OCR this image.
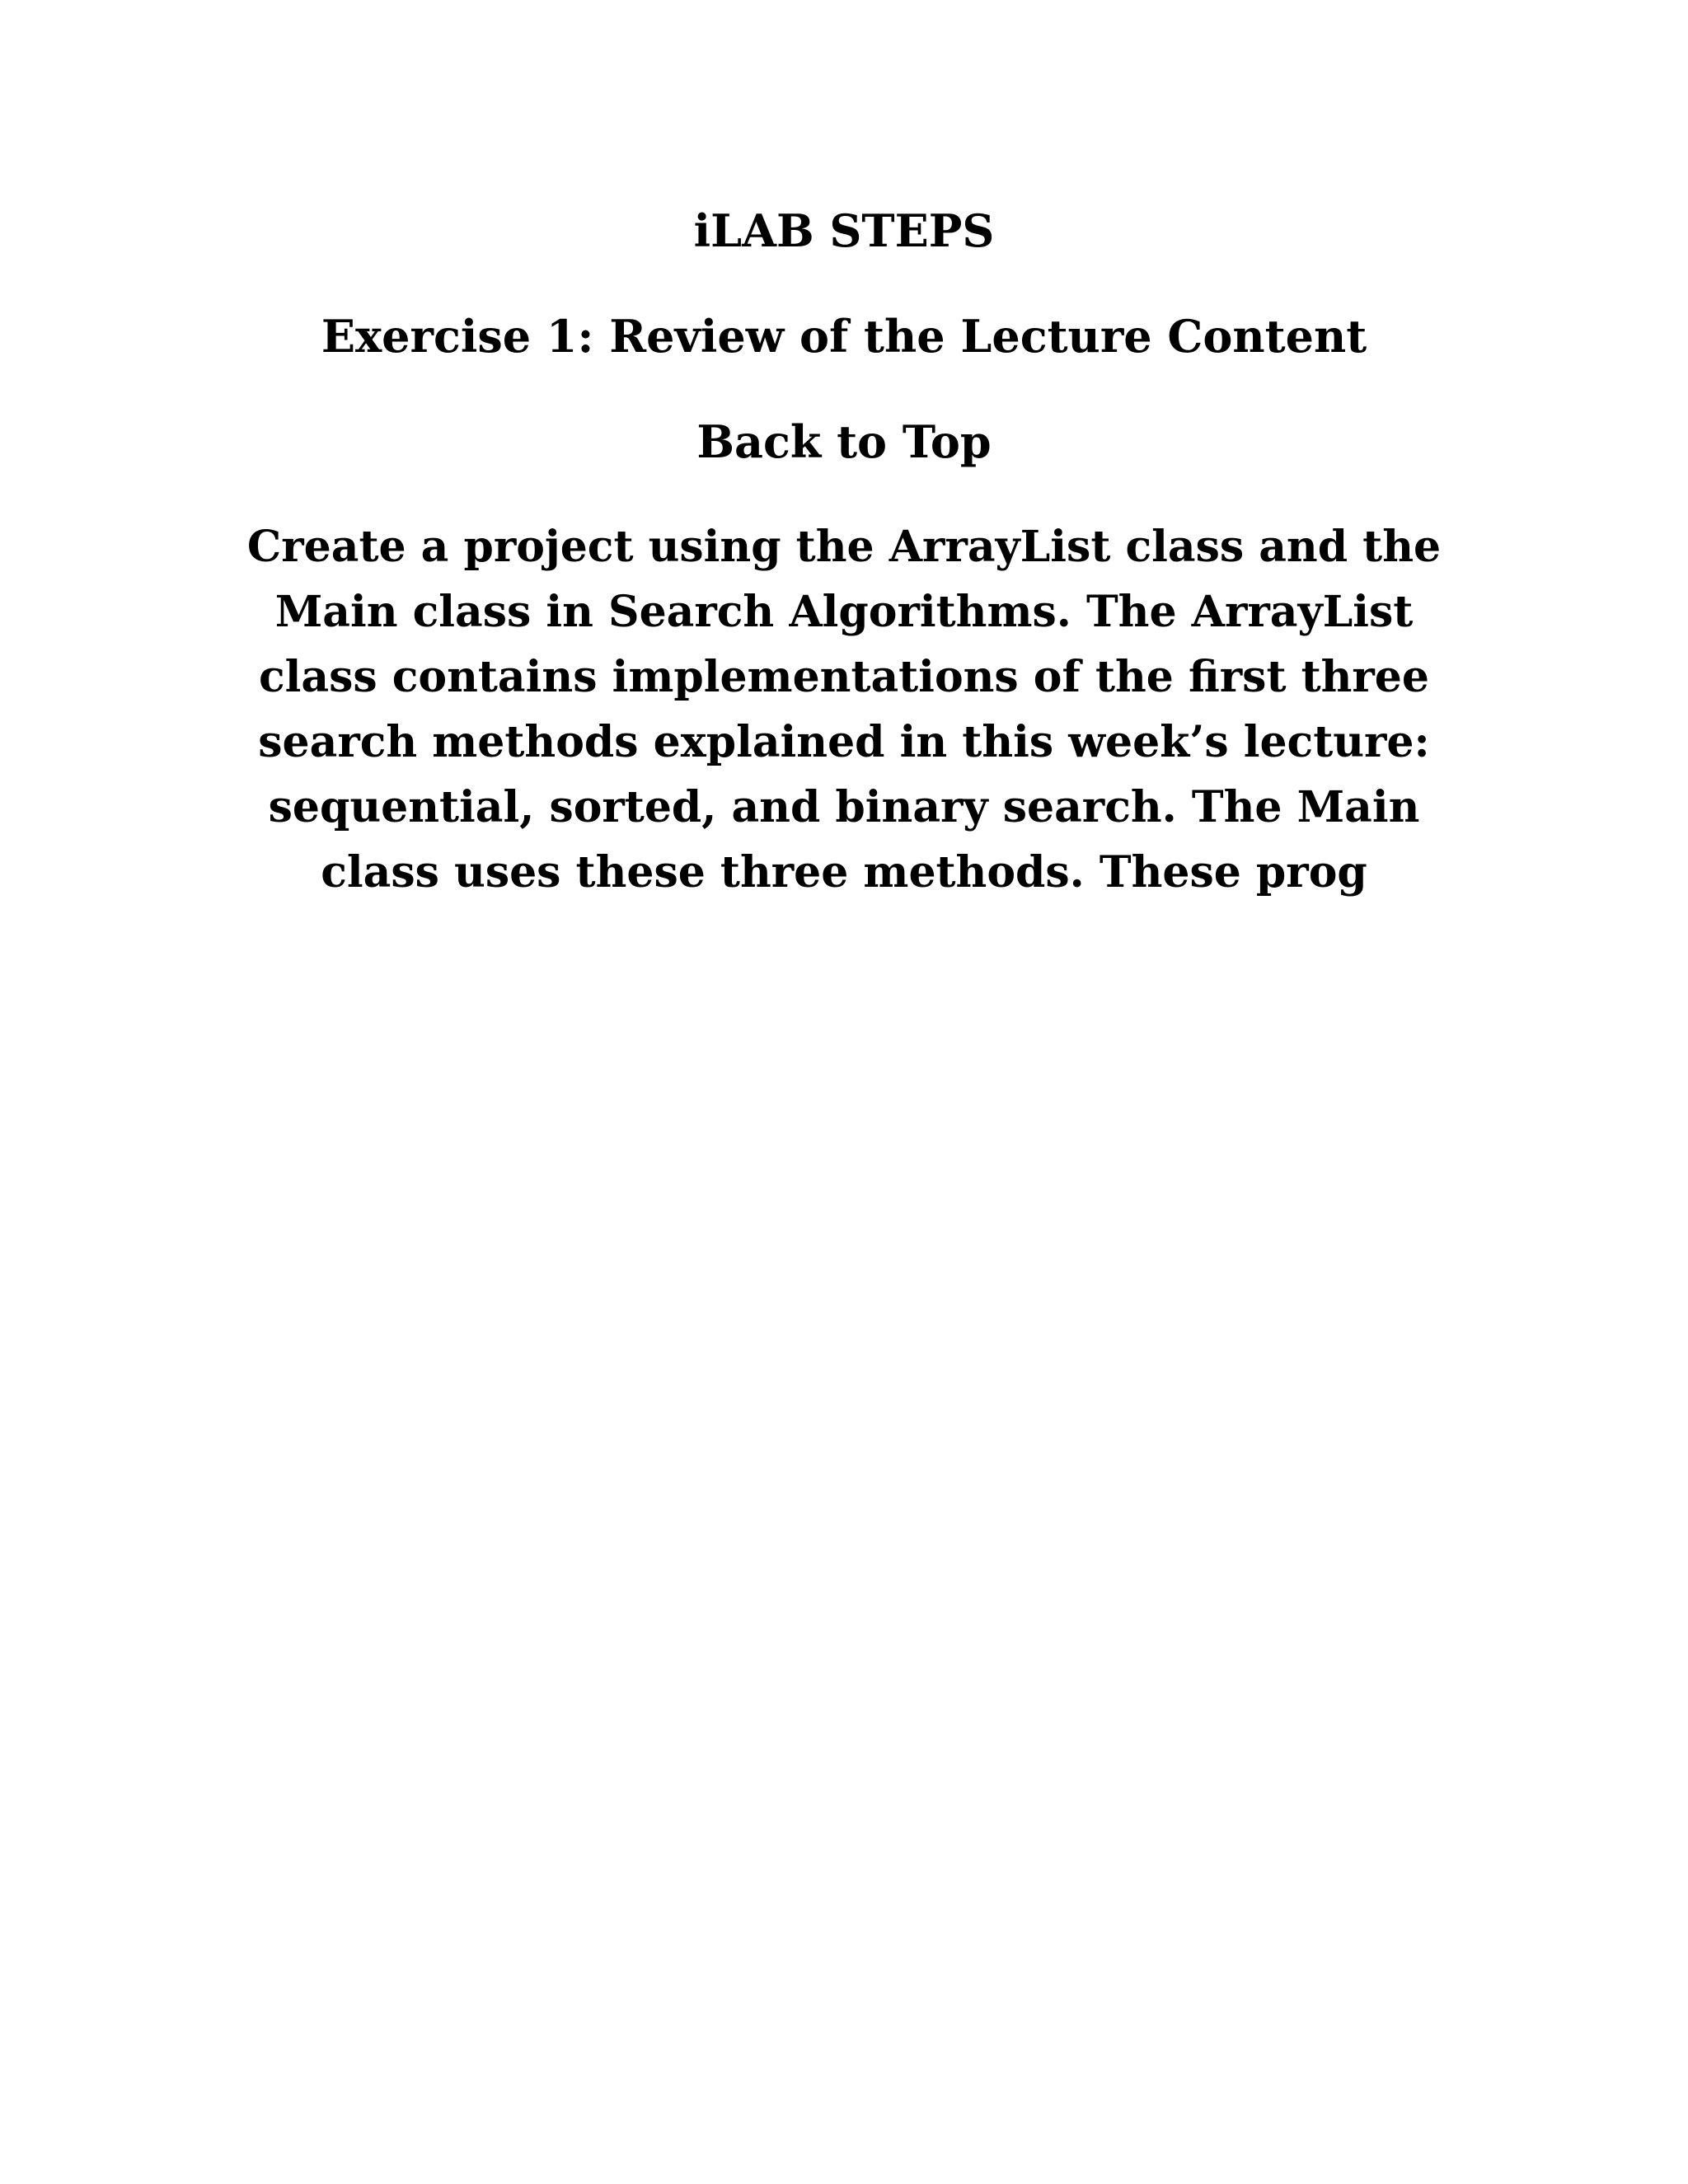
iLAB STEPS
Exercise 1: Review of the Lecture Content
Back to Top

Create a project using the ArrayList class and the
Main class in Search Algorithms. The ArrayList
class contains implementations of the first three
search methods explained in this week’s lecture:
sequential, sorted, and binary search. The Main
class uses these three methods. These prog
